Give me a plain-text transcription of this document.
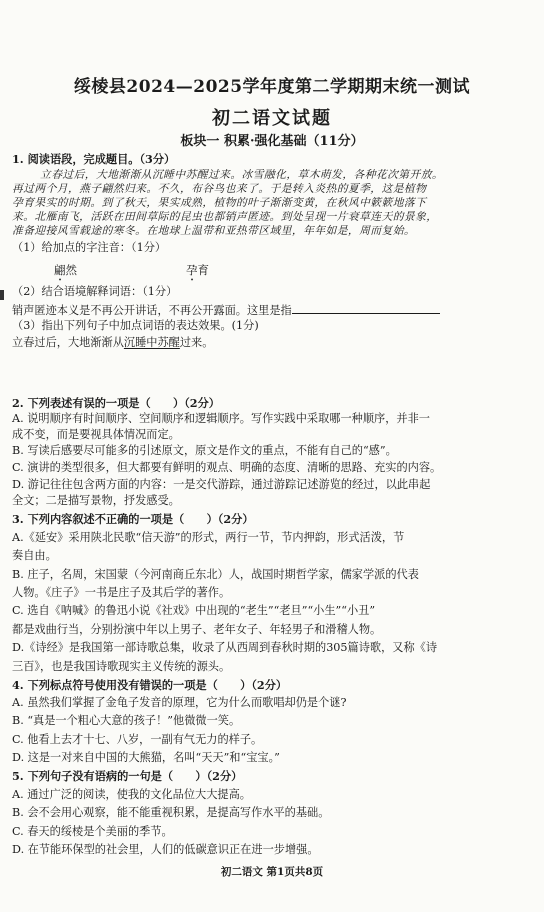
绥棱县2024—2025学年度第二学期期末统一测试
初二语文试题
板块一 积累·强化基础（11分）
1. 阅读语段，完成题目。（3分）
立春过后，大地渐渐从沉睡中苏醒过来。冰雪融化，草木萌发，各种花次第开放。
再过两个月，燕子翩然归来。不久，布谷鸟也来了。于是转入炎热的夏季，这是植物
孕育果实的时期。到了秋天，果实成熟，植物的叶子渐渐变黄，在秋风中簌簌地落下
来。北雁南飞，活跃在田间草际的昆虫也都销声匿迹。到处呈现一片衰草连天的景象，
准备迎接风雪载途的寒冬。在地球上温带和亚热带区域里，年年如是，周而复始。
（1）给加点的字注音：（1分）
翩然	孕育
（2）结合语境解释词语：（1分）
销声匿迹本义是不再公开讲话，不再公开露面。这里是指
（3）指出下列句子中加点词语的表达效果。(1分)
立春过后，大地渐渐从沉睡中苏醒过来。
2. 下列表述有误的一项是（　　）（2分）
A. 说明顺序有时间顺序、空间顺序和逻辑顺序。写作实践中采取哪一种顺序，并非一
成不变，而是要视具体情况而定。
B. 写读后感要尽可能多的引述原文，原文是作文的重点，不能有自己的“感”。
C. 演讲的类型很多，但大都要有鲜明的观点、明确的态度、清晰的思路、充实的内容。
D. 游记往往包含两方面的内容：一是交代游踪，通过游踪记述游览的经过，以此串起
全文；二是描写景物，抒发感受。
3. 下列内容叙述不正确的一项是（　　）（2分）
A.《延安》采用陕北民歌“信天游”的形式，两行一节，节内押韵，形式活泼，节
奏自由。
B. 庄子，名周，宋国蒙（今河南商丘东北）人，战国时期哲学家，儒家学派的代表
人物。《庄子》一书是庄子及其后学的著作。
C. 选自《呐喊》的鲁迅小说《社戏》中出现的“老生”“老旦”“小生”“小丑”
都是戏曲行当，分别扮演中年以上男子、老年女子、年轻男子和滑稽人物。
D.《诗经》是我国第一部诗歌总集，收录了从西周到春秋时期的305篇诗歌，又称《诗
三百》，也是我国诗歌现实主义传统的源头。
4. 下列标点符号使用没有错误的一项是（　　）（2分）
A. 虽然我们掌握了金龟子发音的原理，它为什么而歌唱却仍是个谜?
B. “真是一个粗心大意的孩子！”他微微一笑。
C. 他看上去才十七、八岁，一副有气无力的样子。
D. 这是一对来自中国的大熊猫，名叫“天天”和“宝宝。”
5. 下列句子没有语病的一句是（　　）（2分）
A. 通过广泛的阅读，使我的文化品位大大提高。
B. 会不会用心观察，能不能重视积累，是提高写作水平的基础。
C. 春天的绥棱是个美丽的季节。
D. 在节能环保型的社会里，人们的低碳意识正在进一步增强。
初二语文 第1页共8页
